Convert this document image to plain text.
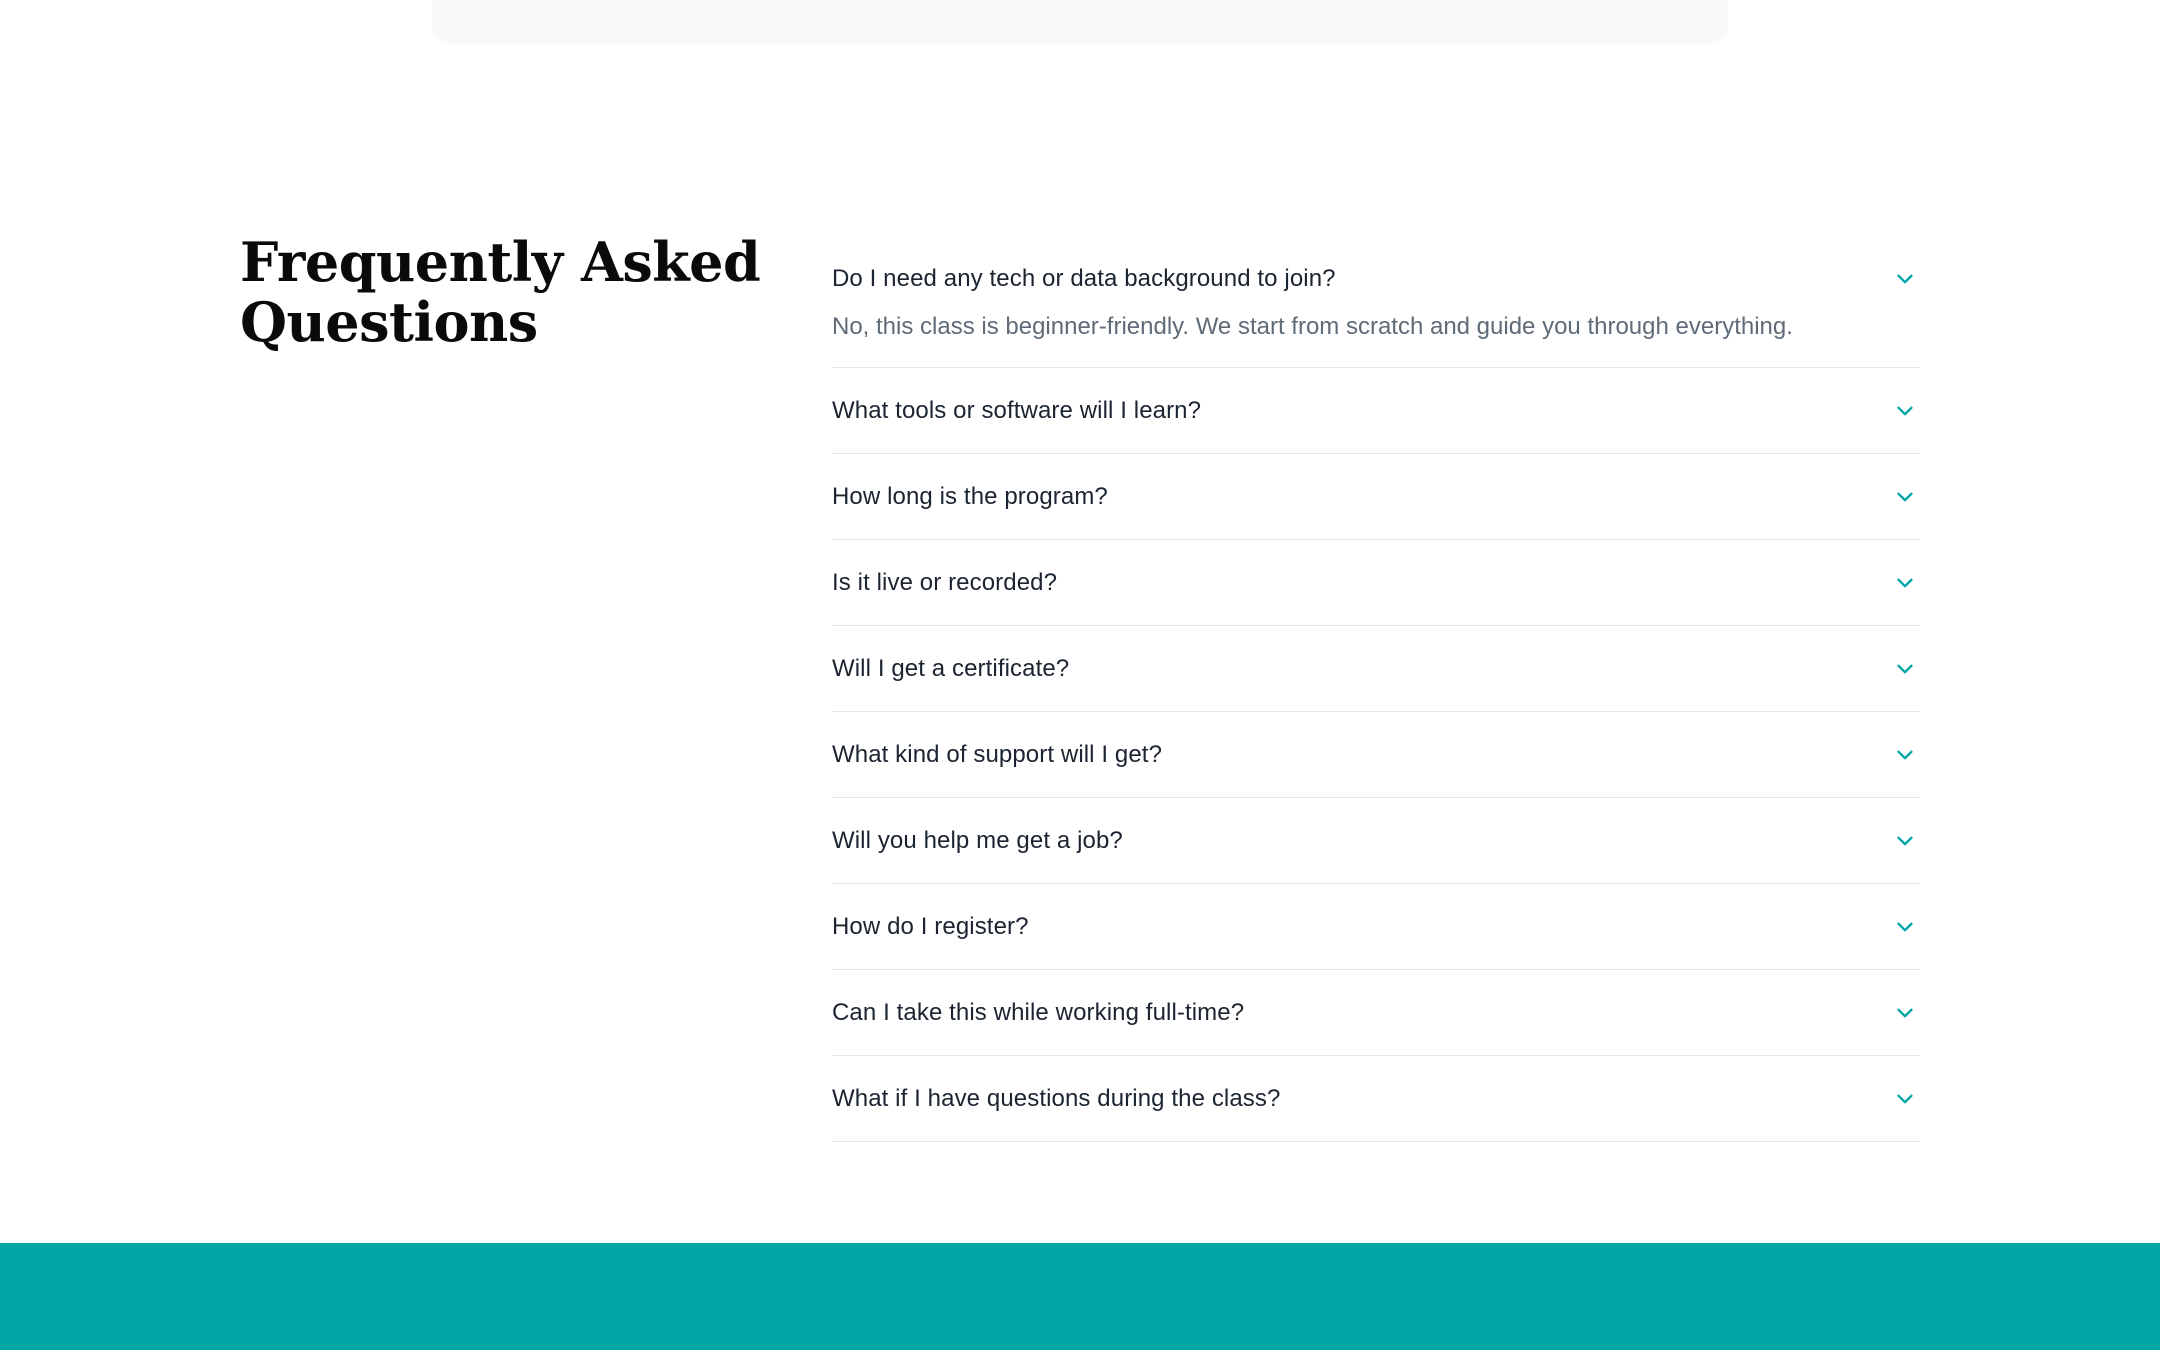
Frequently Asked Questions
Do I need any tech or data background to join?
No, this class is beginner-friendly. We start from scratch and guide you through everything.
What tools or software will I learn?
How long is the program?
Is it live or recorded?
Will I get a certificate?
What kind of support will I get?
Will you help me get a job?
How do I register?
Can I take this while working full-time?
What if I have questions during the class?
